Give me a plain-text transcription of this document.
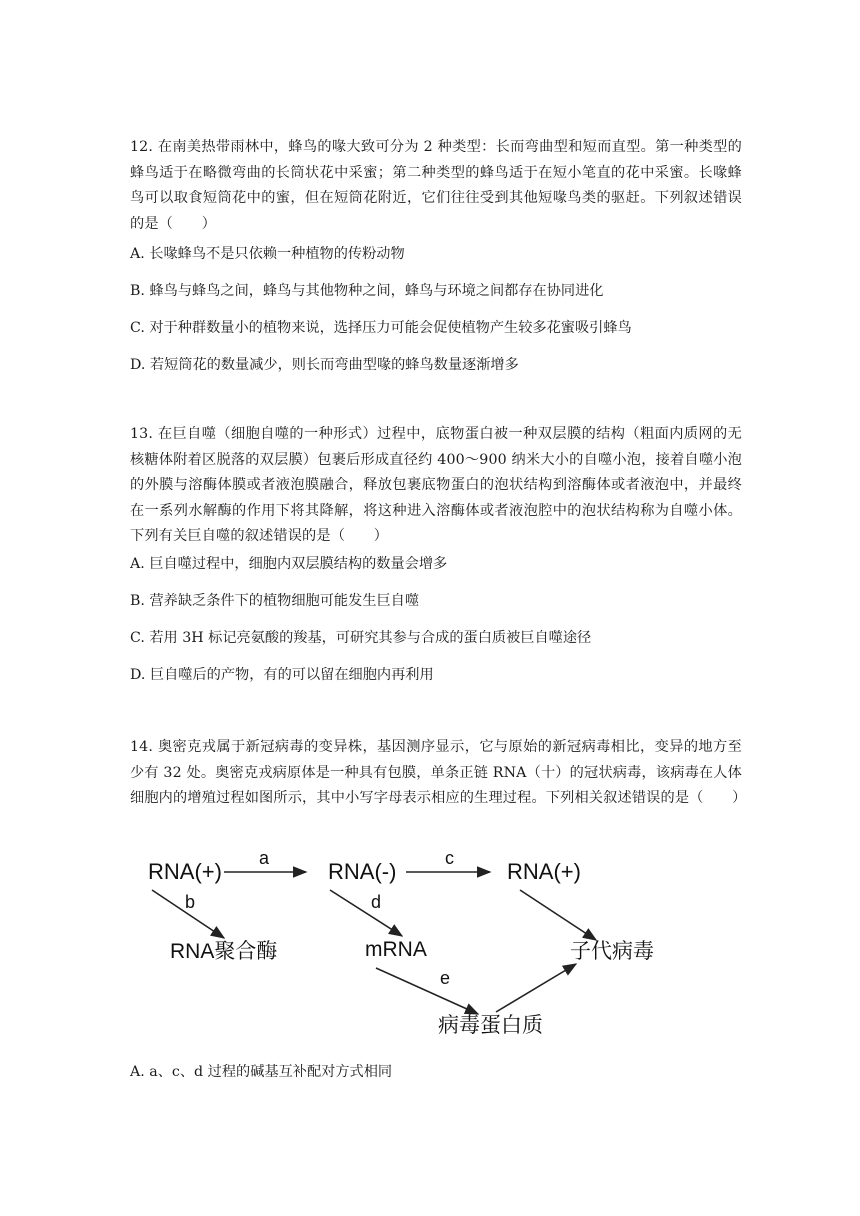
12. 在南美热带雨林中，蜂鸟的喙大致可分为 2 种类型：长而弯曲型和短而直型。第一种类型的蜂鸟适于在略微弯曲的长筒状花中采蜜；第二种类型的蜂鸟适于在短小笔直的花中采蜜。长喙蜂鸟可以取食短筒花中的蜜，但在短筒花附近，它们往往受到其他短喙鸟类的驱赶。下列叙述错误的是（　　）

A. 长喙蜂鸟不是只依赖一种植物的传粉动物

B. 蜂鸟与蜂鸟之间，蜂鸟与其他物种之间，蜂鸟与环境之间都存在协同进化

C. 对于种群数量小的植物来说，选择压力可能会促使植物产生较多花蜜吸引蜂鸟

D. 若短筒花的数量减少，则长而弯曲型喙的蜂鸟数量逐渐增多

13. 在巨自噬（细胞自噬的一种形式）过程中，底物蛋白被一种双层膜的结构（粗面内质网的无核糖体附着区脱落的双层膜）包裹后形成直径约 400～900 纳米大小的自噬小泡，接着自噬小泡的外膜与溶酶体膜或者液泡膜融合，释放包裹底物蛋白的泡状结构到溶酶体或者液泡中，并最终在一系列水解酶的作用下将其降解，将这种进入溶酶体或者液泡腔中的泡状结构称为自噬小体。下列有关巨自噬的叙述错误的是（　　）

A. 巨自噬过程中，细胞内双层膜结构的数量会增多

B. 营养缺乏条件下的植物细胞可能发生巨自噬

C. 若用 3H 标记亮氨酸的羧基，可研究其参与合成的蛋白质被巨自噬途径

D. 巨自噬后的产物，有的可以留在细胞内再利用

14. 奥密克戎属于新冠病毒的变异株，基因测序显示，它与原始的新冠病毒相比，变异的地方至少有 32 处。奥密克戎病原体是一种具有包膜，单条正链 RNA（十）的冠状病毒，该病毒在人体细胞内的增殖过程如图所示，其中小写字母表示相应的生理过程。下列相关叙述错误的是（　　）

RNA(+)	RNA(-)	RNA(+)
RNA聚合酶	mRNA	子代病毒
病毒蛋白质
a	c
b	d
e

A. a、c、d 过程的碱基互补配对方式相同
